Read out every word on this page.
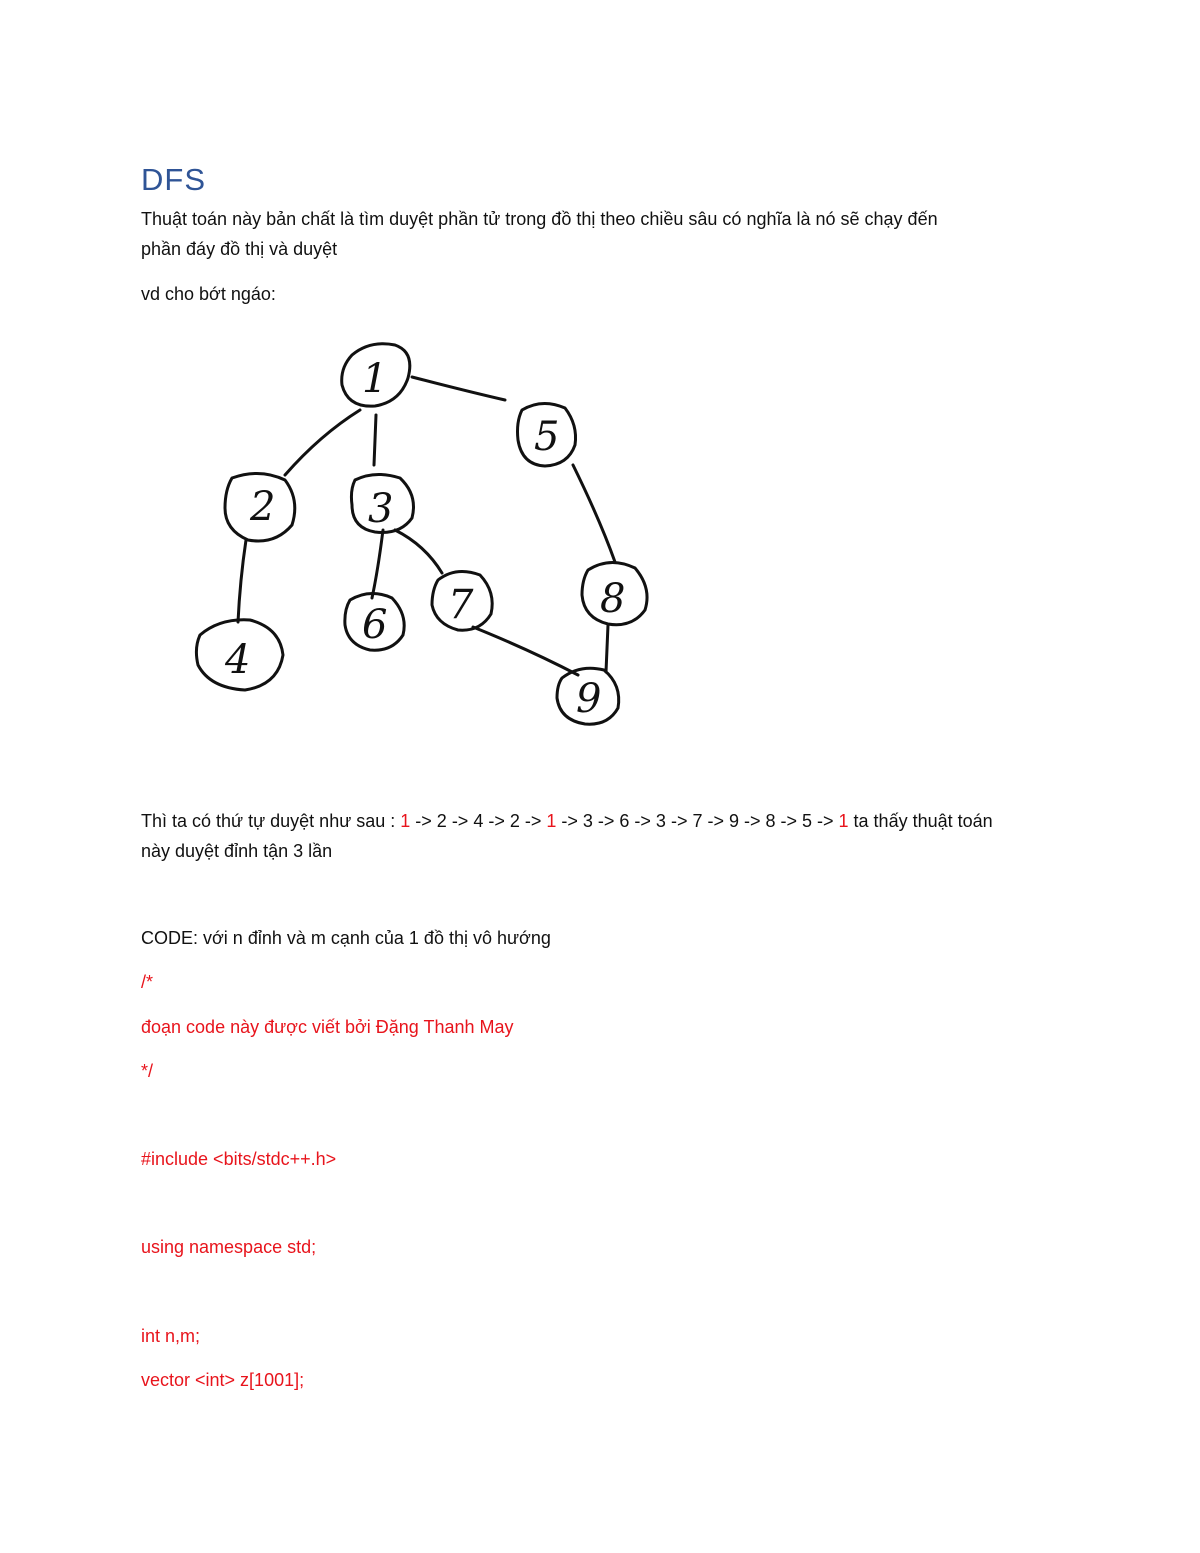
DFS

Thuật toán này bản chất là tìm duyệt phần tử trong đồ thị theo chiều sâu có nghĩa là nó sẽ chạy đến

phần đáy đồ thị và duyệt

vd cho bớt ngáo:

1
2 3
4
5
6 7	8
9

Thì ta có thứ tự duyệt như sau : 1 -> 2 -> 4 -> 2 -> 1 -> 3 -> 6 -> 3 -> 7 -> 9 -> 8 -> 5 -> 1 ta thấy thuật toán

này duyệt đỉnh tận 3 lần

CODE: với n đỉnh và m cạnh của 1 đồ thị vô hướng

/*

đoạn code này được viết bởi Đặng Thanh May

*/

#include <bits/stdc++.h>

using namespace std;

int n,m;

vector <int> z[1001];
